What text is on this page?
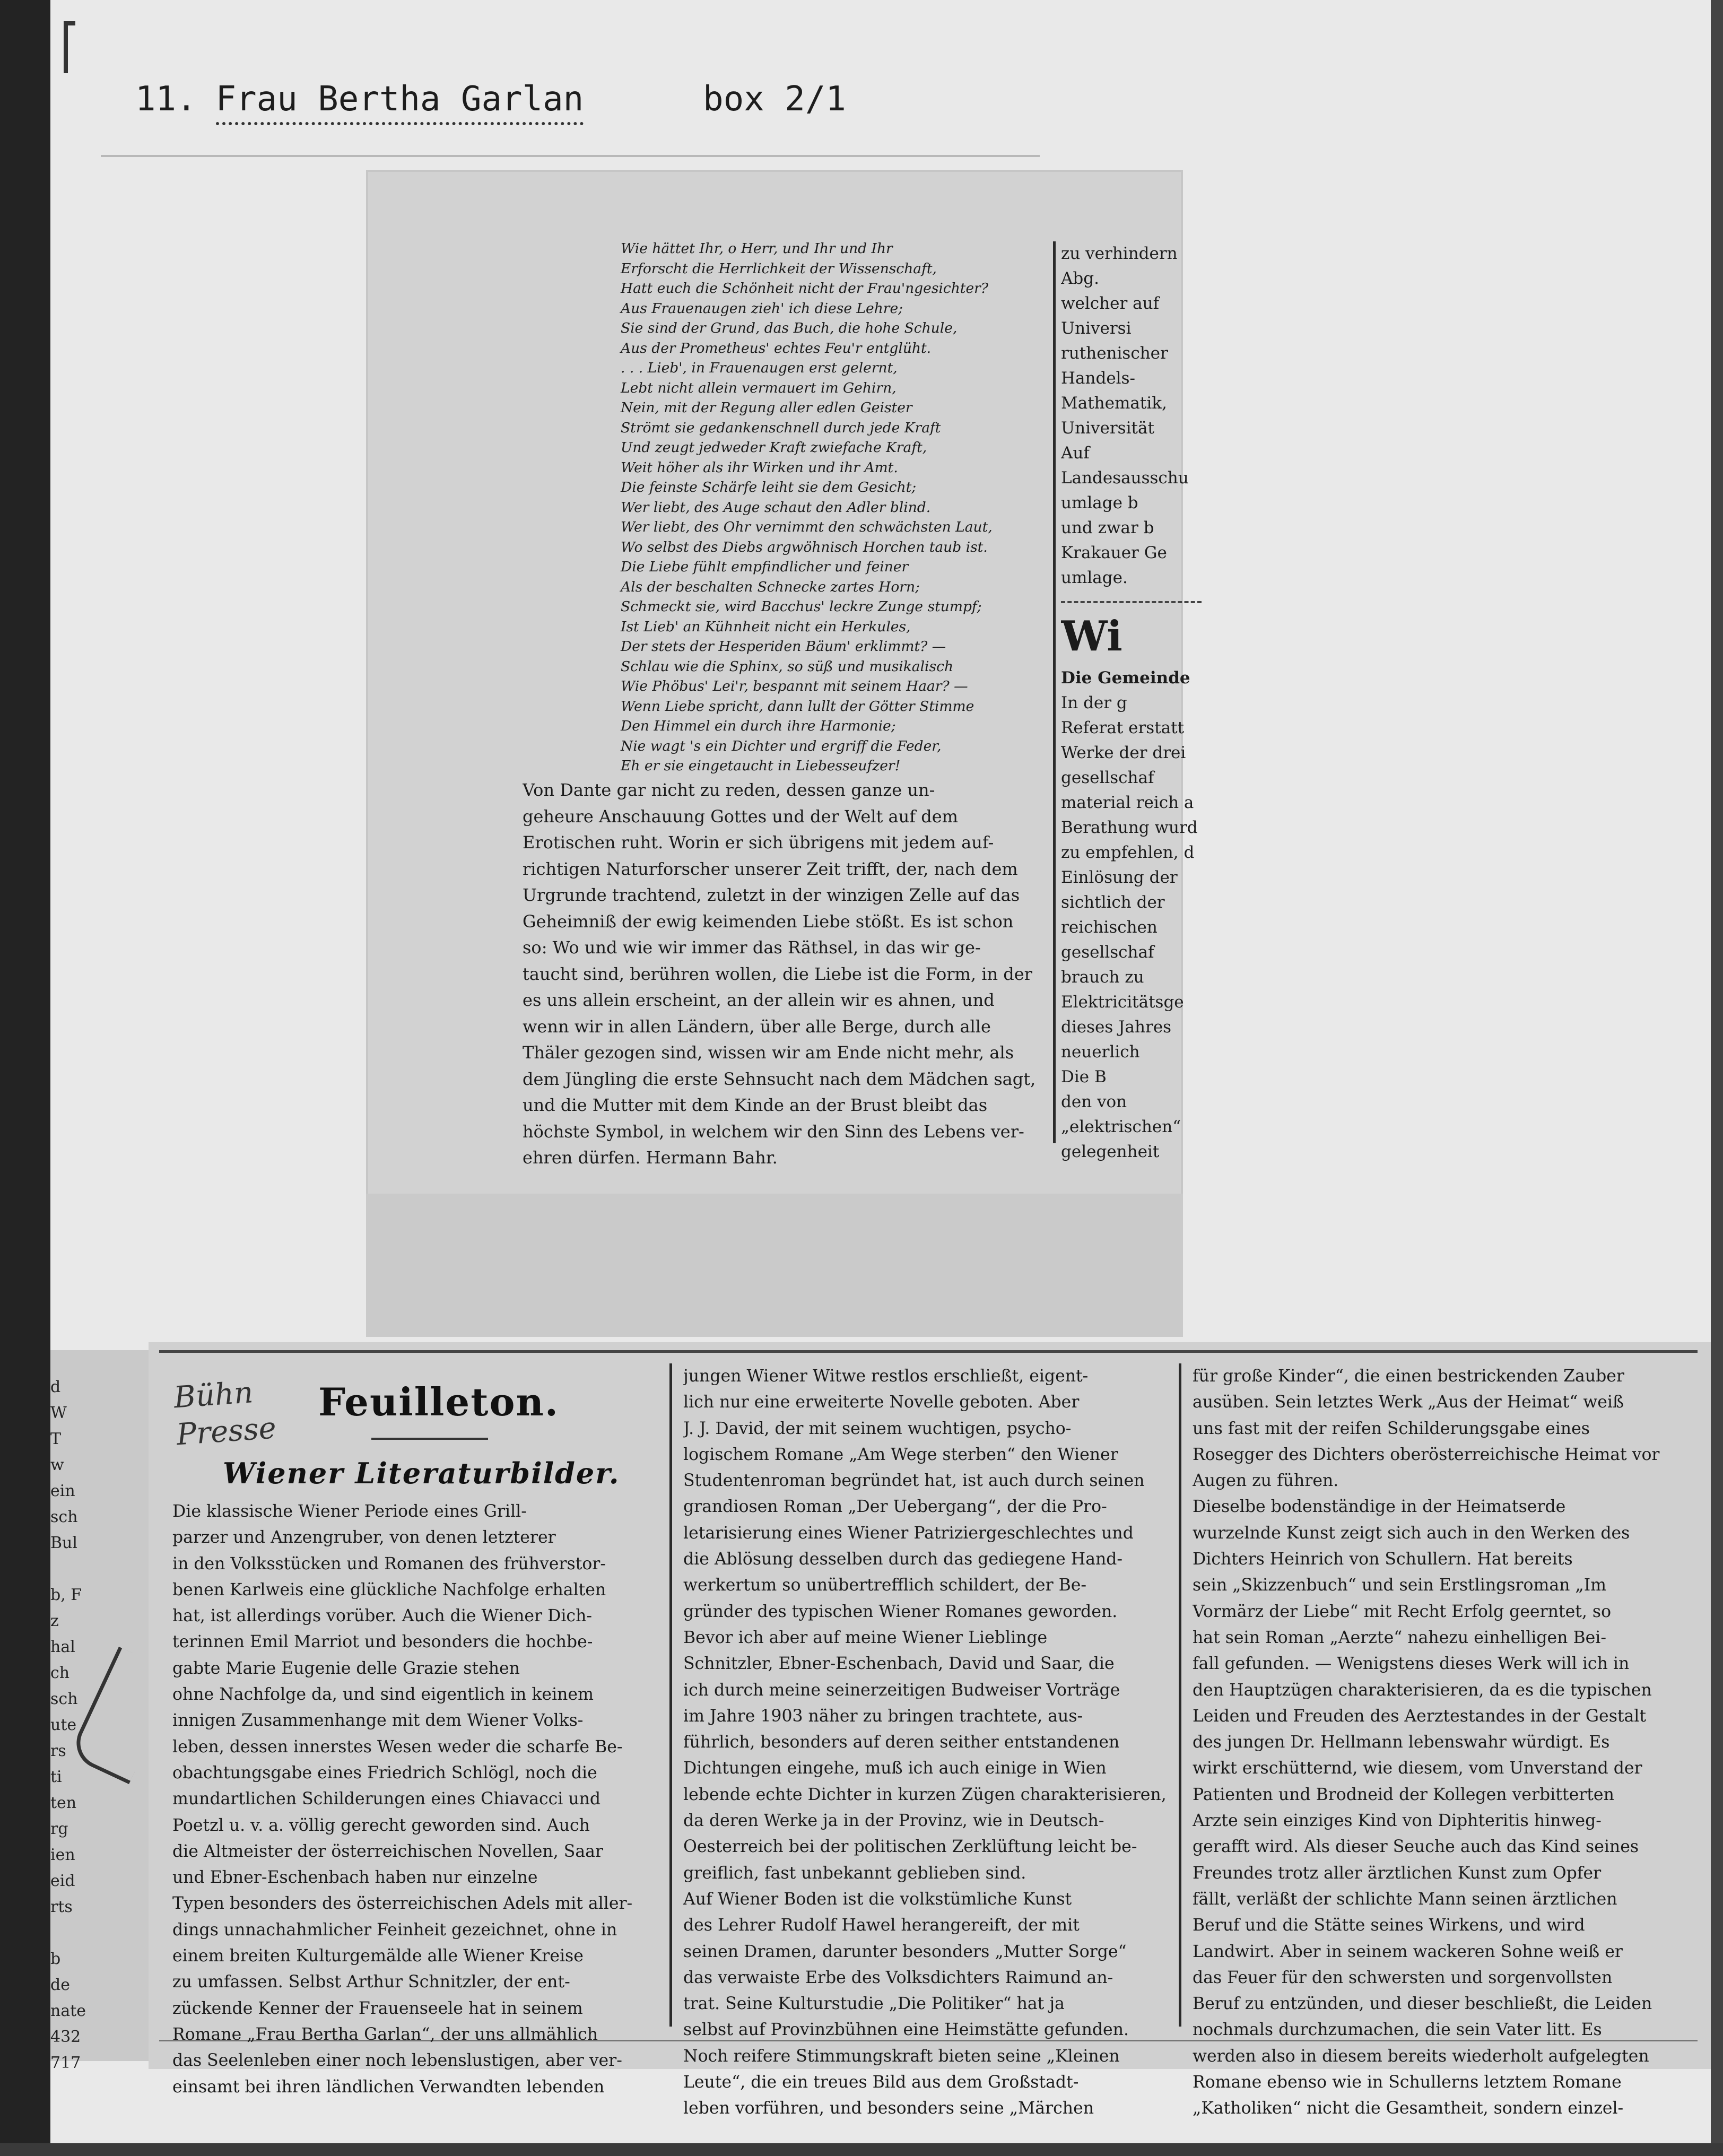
11. Frau Bertha Garlan	box 2/1
Wie hättet Ihr, o Herr, und Ihr und Ihr
Erforscht die Herrlichkeit der Wissenschaft,
Hatt euch die Schönheit nicht der Frau'ngesichter?
Aus Frauenaugen zieh' ich diese Lehre;
Sie sind der Grund, das Buch, die hohe Schule,
Aus der Prometheus' echtes Feu'r entglüht.
. . . Lieb', in Frauenaugen erst gelernt,
Lebt nicht allein vermauert im Gehirn,
Nein, mit der Regung aller edlen Geister
Strömt sie gedankenschnell durch jede Kraft
Und zeugt jedweder Kraft zwiefache Kraft,
Weit höher als ihr Wirken und ihr Amt.
Die feinste Schärfe leiht sie dem Gesicht;
Wer liebt, des Auge schaut den Adler blind.
Wer liebt, des Ohr vernimmt den schwächsten Laut,
Wo selbst des Diebs argwöhnisch Horchen taub ist.
Die Liebe fühlt empfindlicher und feiner
Als der beschalten Schnecke zartes Horn;
Schmeckt sie, wird Bacchus' leckre Zunge stumpf;
Ist Lieb' an Kühnheit nicht ein Herkules,
Der stets der Hesperiden Bäum' erklimmt? —
Schlau wie die Sphinx, so süß und musikalisch
Wie Phöbus' Lei'r, bespannt mit seinem Haar? —
Wenn Liebe spricht, dann lullt der Götter Stimme
Den Himmel ein durch ihre Harmonie;
Nie wagt 's ein Dichter und ergriff die Feder,
Eh er sie eingetaucht in Liebesseufzer!
Von Dante gar nicht zu reden, dessen ganze un-
geheure Anschauung Gottes und der Welt auf dem
Erotischen ruht. Worin er sich übrigens mit jedem auf-
richtigen Naturforscher unserer Zeit trifft, der, nach dem
Urgrunde trachtend, zuletzt in der winzigen Zelle auf das
Geheimniß der ewig keimenden Liebe stößt. Es ist schon
so: Wo und wie wir immer das Räthsel, in das wir ge-
taucht sind, berühren wollen, die Liebe ist die Form, in der
es uns allein erscheint, an der allein wir es ahnen, und
wenn wir in allen Ländern, über alle Berge, durch alle
Thäler gezogen sind, wissen wir am Ende nicht mehr, als
dem Jüngling die erste Sehnsucht nach dem Mädchen sagt,
und die Mutter mit dem Kinde an der Brust bleibt das
höchste Symbol, in welchem wir den Sinn des Lebens ver-
ehren dürfen. Hermann Bahr.
zu verhindern
Abg.
welcher auf
Universi
ruthenischer
Handels-
Mathematik,
Universität
Auf
Landesausschu
umlage b
und zwar b
Krakauer Ge
umlage.
Wi
Die Gemeinde
In der g
Referat erstatt
Werke der drei
gesellschaf
material reich a
Berathung wurd
zu empfehlen, d
Einlösung der
sichtlich der
reichischen
gesellschaf
brauch zu
Elektricitätsge
dieses Jahres
neuerlich
Die B
den von
„elektrischen“
gelegenheit
d
W
T
w
ein
sch
Bul
b, F
z
hal
ch
sch
ute
rs
ti
ten
rg
ien
eid
rts
b
de
nate
432
717
Bühn Presse
Feuilleton.
Wiener Literaturbilder.
Die klassische Wiener Periode eines Grill-
parzer und Anzengruber, von denen letzterer
in den Volksstücken und Romanen des frühverstor-
benen Karlweis eine glückliche Nachfolge erhalten
hat, ist allerdings vorüber. Auch die Wiener Dich-
terinnen Emil Marriot und besonders die hochbe-
gabte Marie Eugenie delle Grazie stehen
ohne Nachfolge da, und sind eigentlich in keinem
innigen Zusammenhange mit dem Wiener Volks-
leben, dessen innerstes Wesen weder die scharfe Be-
obachtungsgabe eines Friedrich Schlögl, noch die
mundartlichen Schilderungen eines Chiavacci und
Poetzl u. v. a. völlig gerecht geworden sind. Auch
die Altmeister der österreichischen Novellen, Saar
und Ebner-Eschenbach haben nur einzelne
Typen besonders des österreichischen Adels mit aller-
dings unnachahmlicher Feinheit gezeichnet, ohne in
einem breiten Kulturgemälde alle Wiener Kreise
zu umfassen. Selbst Arthur Schnitzler, der ent-
zückende Kenner der Frauenseele hat in seinem
Romane „Frau Bertha Garlan“, der uns allmählich
das Seelenleben einer noch lebenslustigen, aber ver-
einsamt bei ihren ländlichen Verwandten lebenden
jungen Wiener Witwe restlos erschließt, eigent-
lich nur eine erweiterte Novelle geboten. Aber
J. J. David, der mit seinem wuchtigen, psycho-
logischem Romane „Am Wege sterben“ den Wiener
Studentenroman begründet hat, ist auch durch seinen
grandiosen Roman „Der Uebergang“, der die Pro-
letarisierung eines Wiener Patriziergeschlechtes und
die Ablösung desselben durch das gediegene Hand-
werkertum so unübertrefflich schildert, der Be-
gründer des typischen Wiener Romanes geworden.
Bevor ich aber auf meine Wiener Lieblinge
Schnitzler, Ebner-Eschenbach, David und Saar, die
ich durch meine seinerzeitigen Budweiser Vorträge
im Jahre 1903 näher zu bringen trachtete, aus-
führlich, besonders auf deren seither entstandenen
Dichtungen eingehe, muß ich auch einige in Wien
lebende echte Dichter in kurzen Zügen charakterisieren,
da deren Werke ja in der Provinz, wie in Deutsch-
Oesterreich bei der politischen Zerklüftung leicht be-
greiflich, fast unbekannt geblieben sind.
Auf Wiener Boden ist die volkstümliche Kunst
des Lehrer Rudolf Hawel herangereift, der mit
seinen Dramen, darunter besonders „Mutter Sorge“
das verwaiste Erbe des Volksdichters Raimund an-
trat. Seine Kulturstudie „Die Politiker“ hat ja
selbst auf Provinzbühnen eine Heimstätte gefunden.
Noch reifere Stimmungskraft bieten seine „Kleinen
Leute“, die ein treues Bild aus dem Großstadt-
leben vorführen, und besonders seine „Märchen
für große Kinder“, die einen bestrickenden Zauber
ausüben. Sein letztes Werk „Aus der Heimat“ weiß
uns fast mit der reifen Schilderungsgabe eines
Rosegger des Dichters oberösterreichische Heimat vor
Augen zu führen.
Dieselbe bodenständige in der Heimatserde
wurzelnde Kunst zeigt sich auch in den Werken des
Dichters Heinrich von Schullern. Hat bereits
sein „Skizzenbuch“ und sein Erstlingsroman „Im
Vormärz der Liebe“ mit Recht Erfolg geerntet, so
hat sein Roman „Aerzte“ nahezu einhelligen Bei-
fall gefunden. — Wenigstens dieses Werk will ich in
den Hauptzügen charakterisieren, da es die typischen
Leiden und Freuden des Aerztestandes in der Gestalt
des jungen Dr. Hellmann lebenswahr würdigt. Es
wirkt erschütternd, wie diesem, vom Unverstand der
Patienten und Brodneid der Kollegen verbitterten
Arzte sein einziges Kind von Diphteritis hinweg-
gerafft wird. Als dieser Seuche auch das Kind seines
Freundes trotz aller ärztlichen Kunst zum Opfer
fällt, verläßt der schlichte Mann seinen ärztlichen
Beruf und die Stätte seines Wirkens, und wird
Landwirt. Aber in seinem wackeren Sohne weiß er
das Feuer für den schwersten und sorgenvollsten
Beruf zu entzünden, und dieser beschließt, die Leiden
nochmals durchzumachen, die sein Vater litt. Es
werden also in diesem bereits wiederholt aufgelegten
Romane ebenso wie in Schullerns letztem Romane
„Katholiken“ nicht die Gesamtheit, sondern einzel-
